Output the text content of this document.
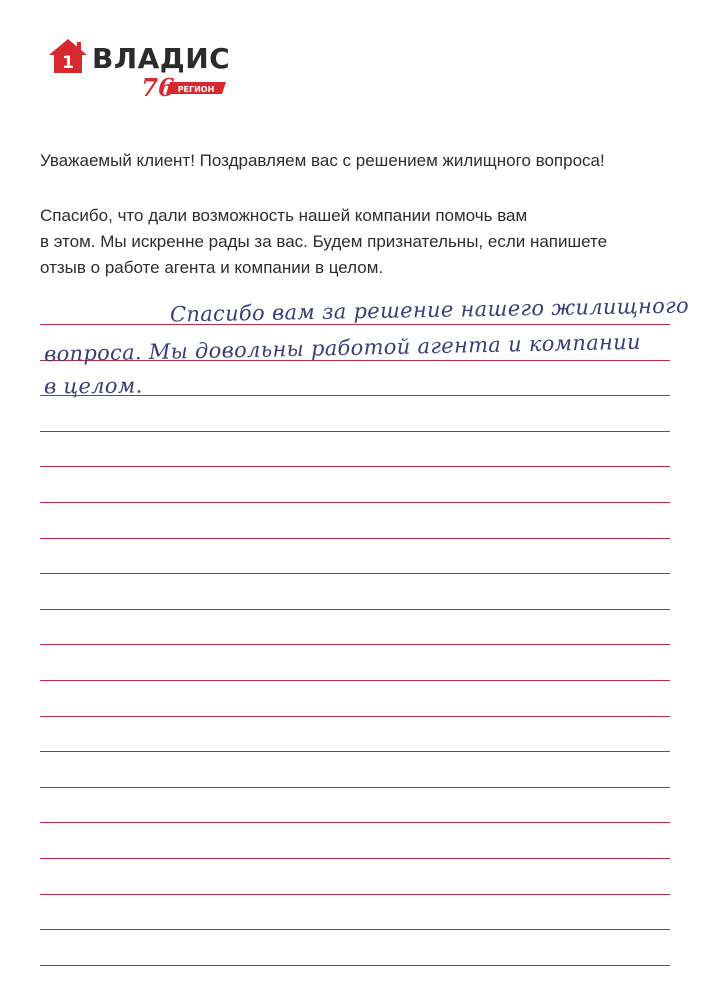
1 ВЛАДИС
76 РЕГИОН
Уважаемый клиент! Поздравляем вас с решением жилищного вопроса!
Спасибо, что дали возможность нашей компании помочь вам
в этом. Мы искренне рады за вас. Будем признательны, если напишете
отзыв о работе агента и компании в целом.
Спасибо вам за решение нашего жилищного
вопроса. Мы довольны работой агента и компании
в целом.
